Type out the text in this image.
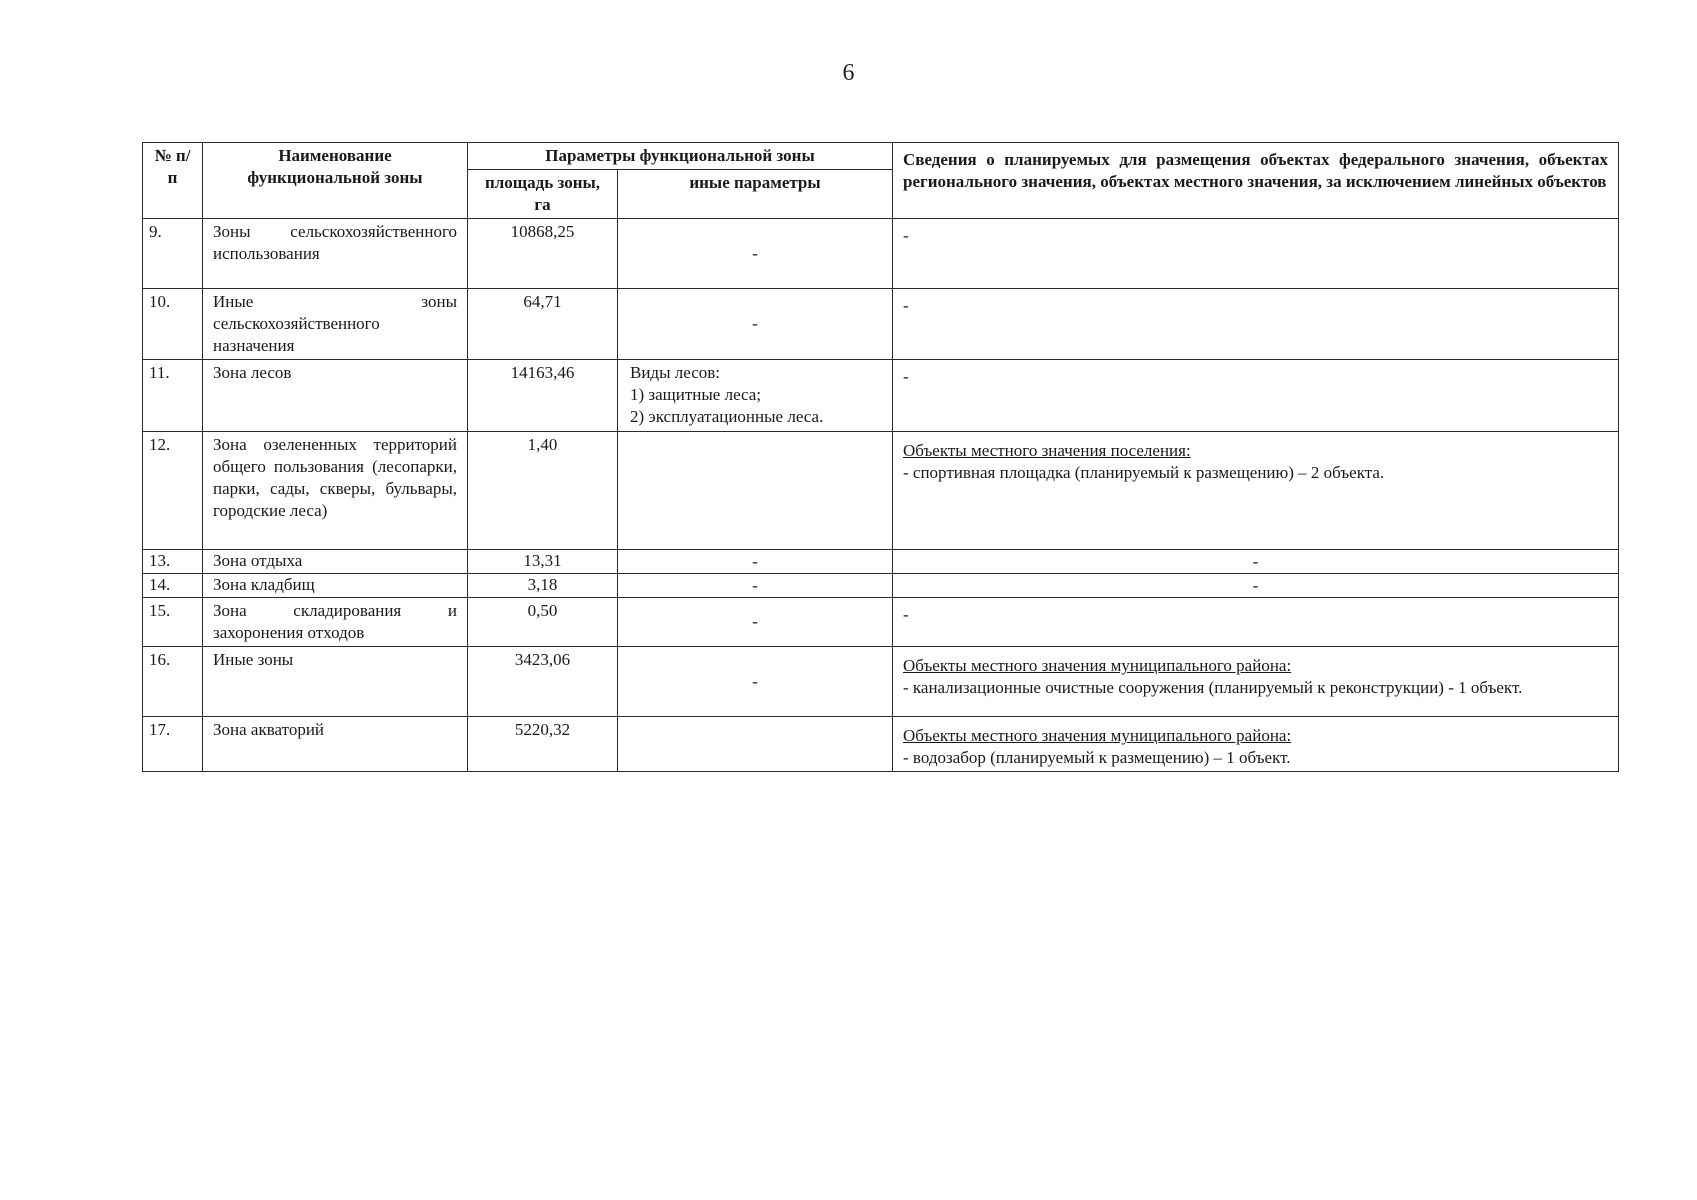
6
№ п/п	Наименование функциональной зоны	Параметры функциональной зоны		Сведения о планируемых для размещения объектах федерального значения, объектах регионального значения, объектах местного значения, за исключением линейных объектов
		площадь зоны, га	иные параметры	
9.	Зоны сельскохозяйственного использования	10868,25	-	-
10.	Иные зоны сельскохозяйственного назначения	64,71	-	-
11.	Зона лесов	14163,46	Виды лесов:
1) защитные леса;
2) эксплуатационные леса.	-
12.	Зона озелененных территорий общего пользования (лесопарки, парки, сады, скверы, бульвары, городские леса)	1,40		Объекты местного значения поселения:
- спортивная площадка (планируемый к размещению) – 2 объекта.

13.	Зона отдыха	13,31	-	-
14.	Зона кладбищ	3,18	-	-
15.	Зона складирования и захоронения отходов	0,50	-	-
16.	Иные зоны	3423,06	-	Объекты местного значения муниципального района:
- канализационные очистные сооружения (планируемый к реконструкции) - 1 объект.

17.	Зона акваторий	5220,32		Объекты местного значения муниципального района:
- водозабор (планируемый к размещению) – 1 объект.
